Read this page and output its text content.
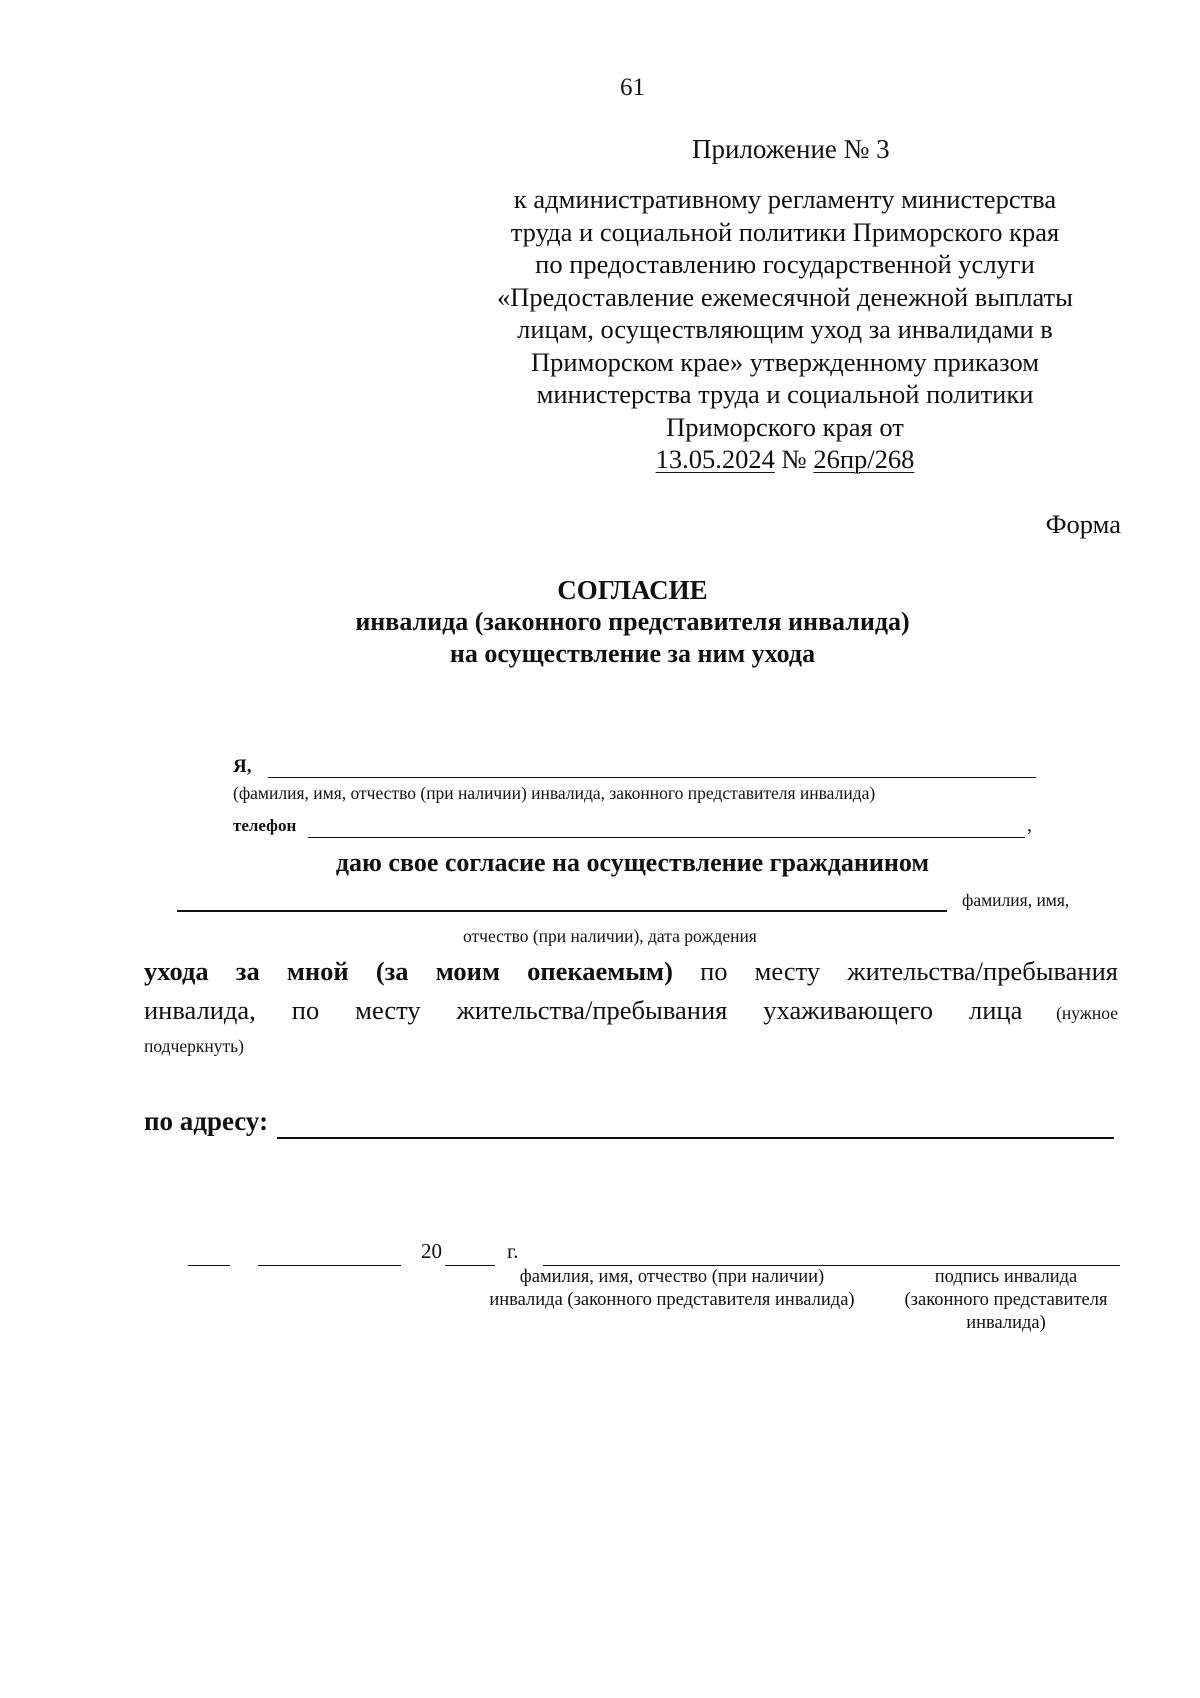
61
Приложение № 3
к административному регламенту министерства
труда и социальной политики Приморского края
по предоставлению государственной услуги
«Предоставление ежемесячной денежной выплаты
лицам, осуществляющим уход за инвалидами в
Приморском крае» утвержденному приказом
министерства труда и социальной политики
Приморского края от
13.05.2024 № 26пр/268
Форма
СОГЛАСИЕ
инвалида (законного представителя инвалида)
на осуществление за ним ухода
Я,
(фамилия, имя, отчество (при наличии) инвалида, законного представителя инвалида)
телефон	,
даю свое согласие на осуществление гражданином
фамилия, имя,
отчество (при наличии), дата рождения
ухода за мной (за моим опекаемым) по месту жительства/пребывания
инвалида, по месту жительства/пребывания ухаживающего лица (нужное
подчеркнуть)
по адресу:
20	г.
фамилия, имя, отчество (при наличии)
инвалида (законного представителя инвалида)
подпись инвалида
(законного представителя
инвалида)
